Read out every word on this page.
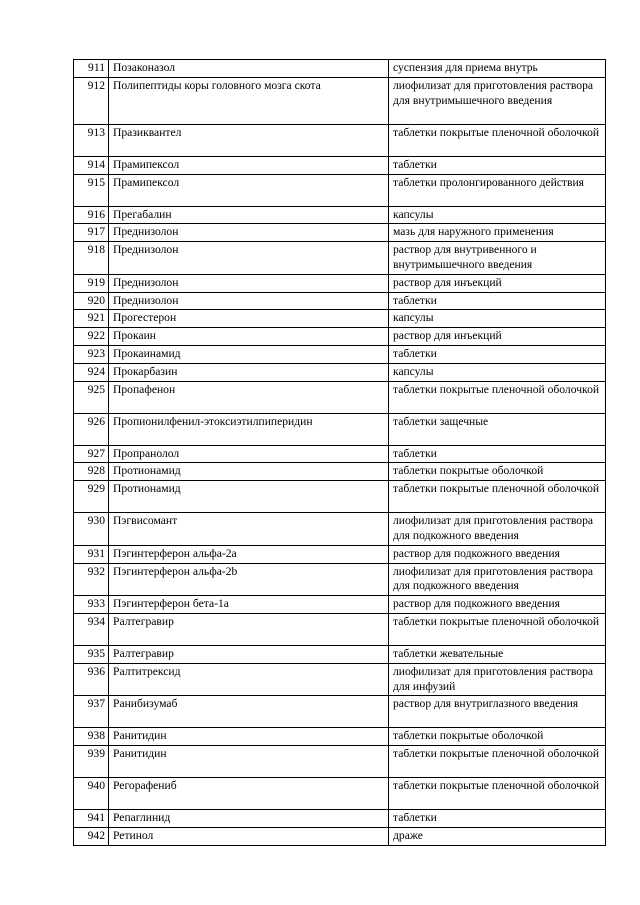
911	Позаконазол	суспензия для приема внутрь
912	Полипептиды коры головного мозга скота	лиофилизат для приготовления раствора для внутримышечного введения
913	Празиквантел	таблетки покрытые пленочной оболочкой
914	Прамипексол	таблетки
915	Прамипексол	таблетки пролонгированного действия
916	Прегабалин	капсулы
917	Преднизолон	мазь для наружного применения
918	Преднизолон	раствор для внутривенного и внутримышечного введения
919	Преднизолон	раствор для инъекций
920	Преднизолон	таблетки
921	Прогестерон	капсулы
922	Прокаин	раствор для инъекций
923	Прокаинамид	таблетки
924	Прокарбазин	капсулы
925	Пропафенон	таблетки покрытые пленочной оболочкой
926	Пропионилфенил-этоксиэтилпиперидин	таблетки защечные
927	Пропранолол	таблетки
928	Протионамид	таблетки покрытые оболочкой
929	Протионамид	таблетки покрытые пленочной оболочкой
930	Пэгвисомант	лиофилизат для приготовления раствора для подкожного введения
931	Пэгинтерферон альфа-2а	раствор для подкожного введения
932	Пэгинтерферон альфа-2b	лиофилизат для приготовления раствора для подкожного введения
933	Пэгинтерферон бета-1а	раствор для подкожного введения
934	Ралтегравир	таблетки покрытые пленочной оболочкой
935	Ралтегравир	таблетки жевательные
936	Ралтитрексид	лиофилизат для приготовления раствора для инфузий
937	Ранибизумаб	раствор для внутриглазного введения
938	Ранитидин	таблетки покрытые оболочкой
939	Ранитидин	таблетки покрытые пленочной оболочкой
940	Регорафениб	таблетки покрытые пленочной оболочкой
941	Репаглинид	таблетки
942	Ретинол	драже
